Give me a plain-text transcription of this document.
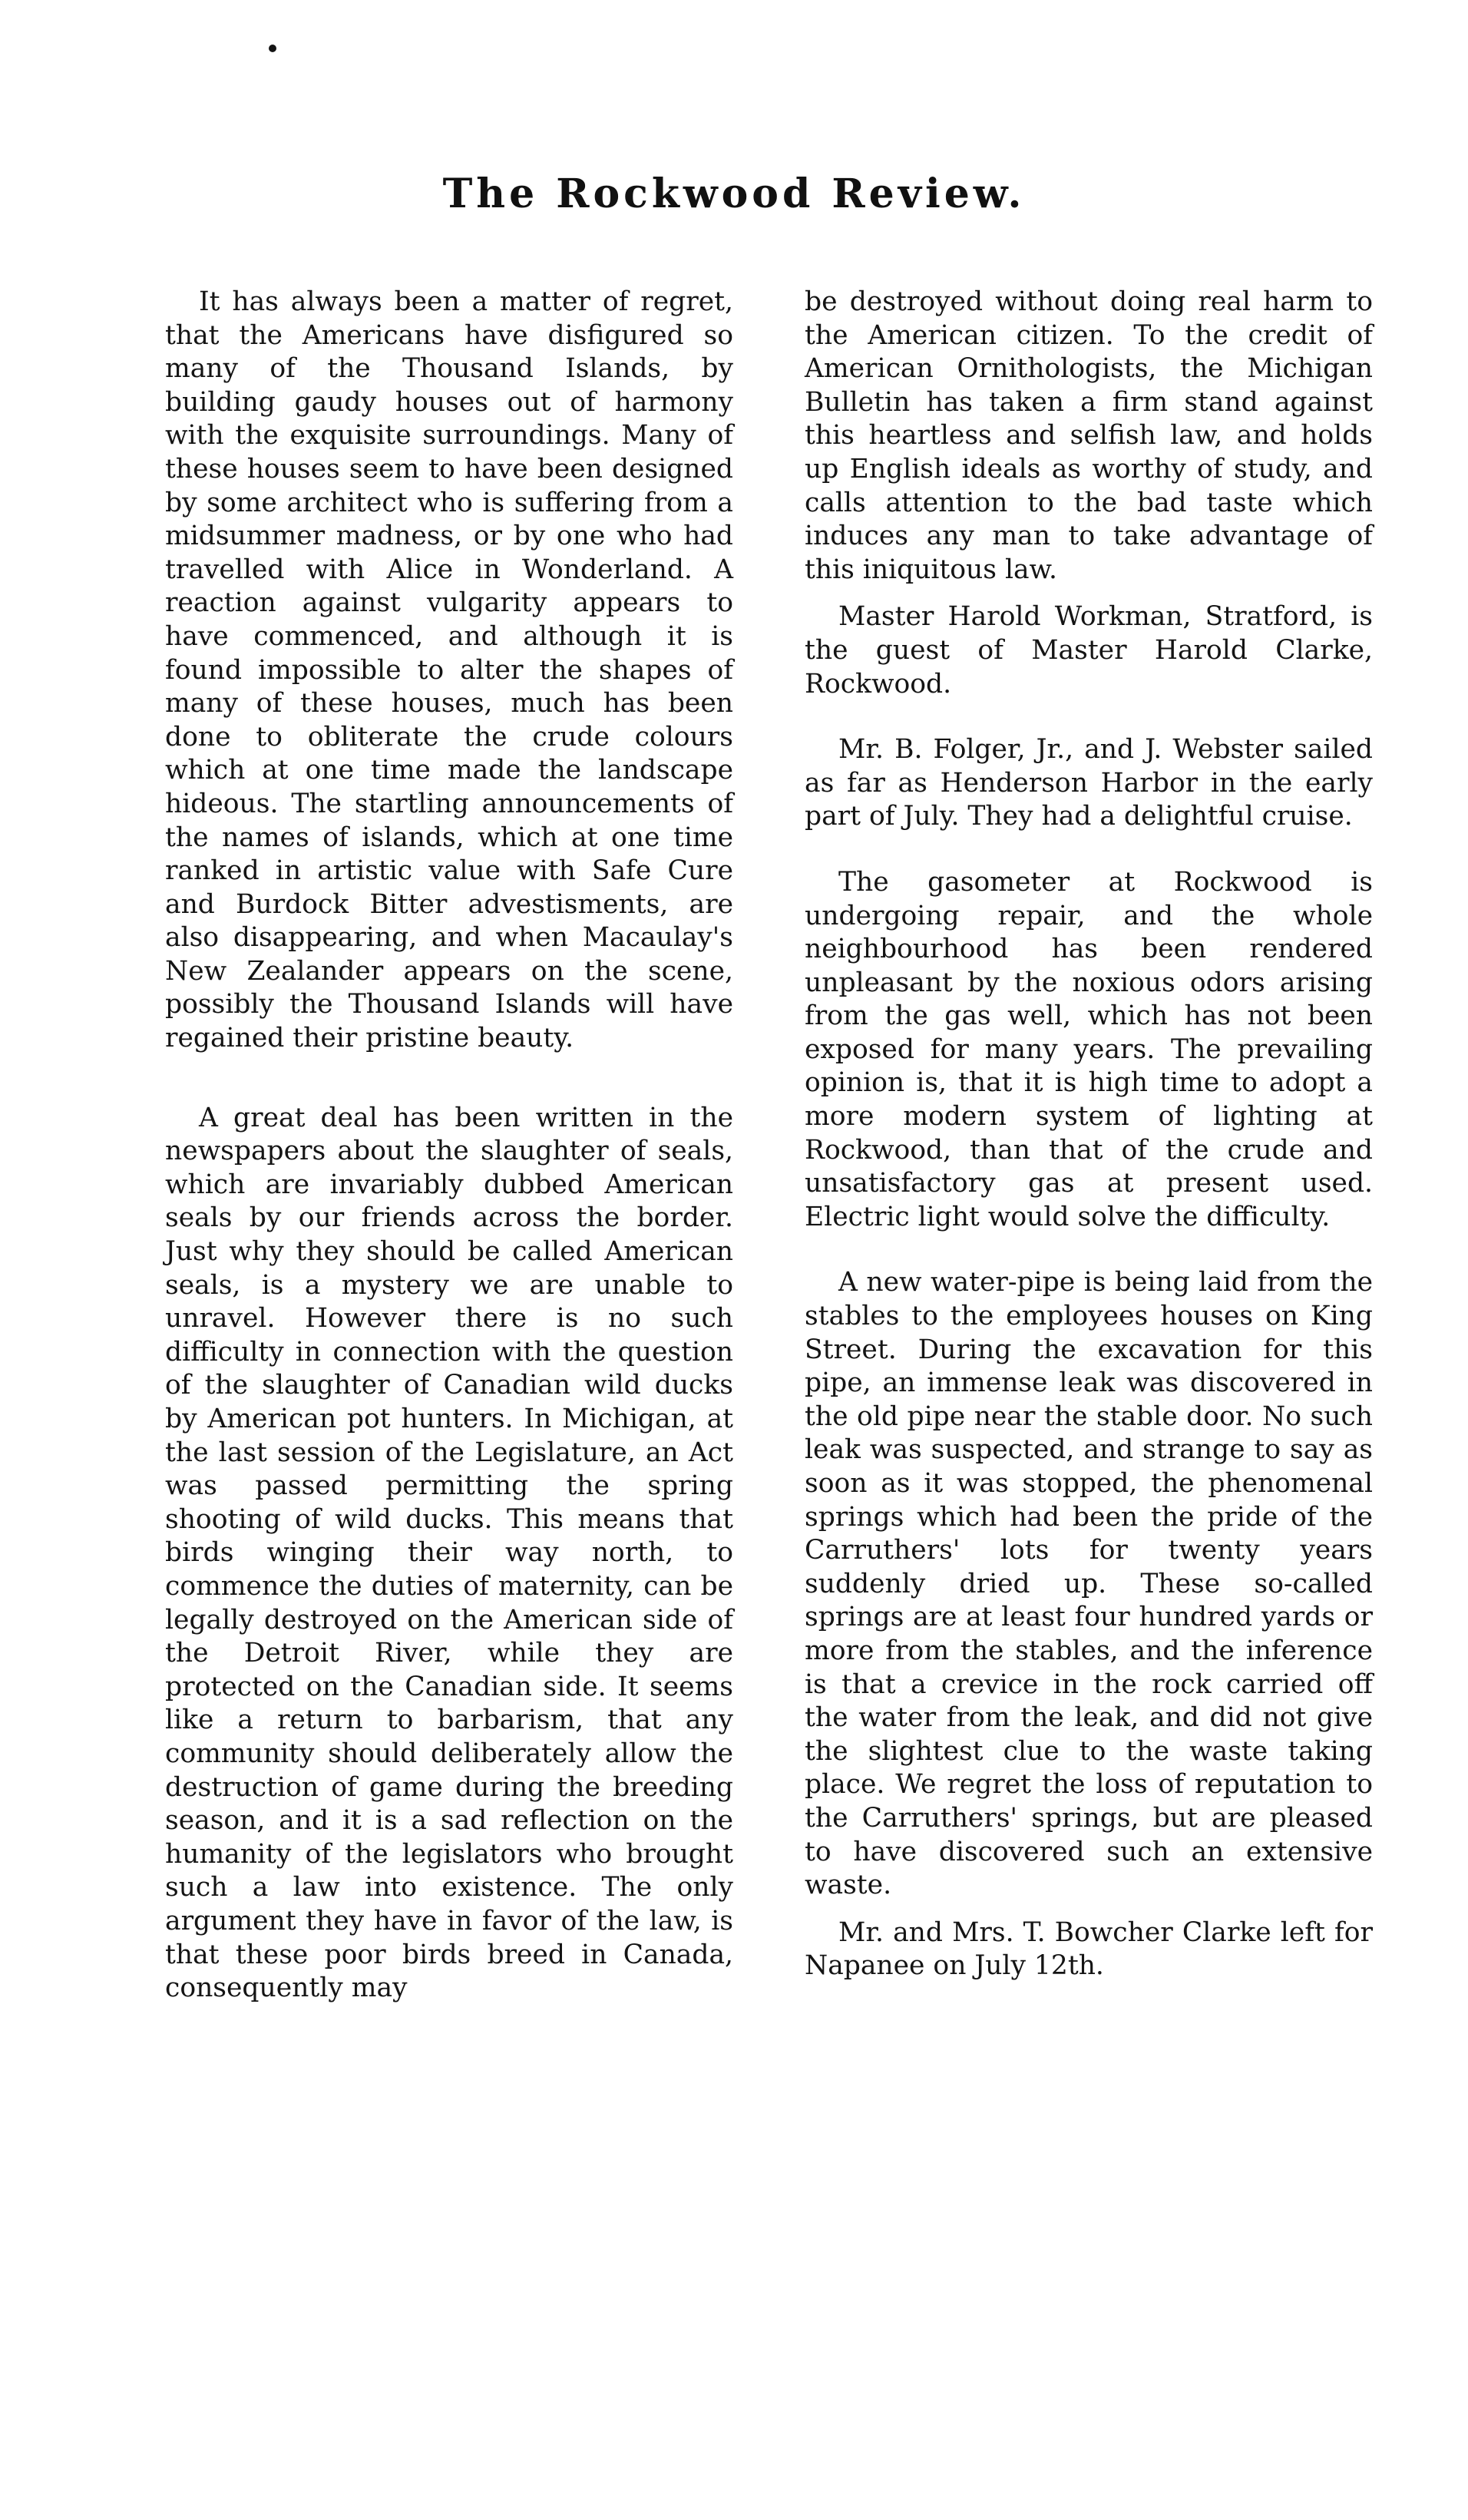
The Rockwood Review.

It has always been a matter of regret, that the Americans have disfigured so many of the Thousand Islands, by building gaudy houses out of harmony with the exquisite surroundings. Many of these houses seem to have been designed by some architect who is suffering from a midsummer madness, or by one who had travelled with Alice in Wonderland. A reaction against vulgarity appears to have commenced, and although it is found impossible to alter the shapes of many of these houses, much has been done to obliterate the crude colours which at one time made the landscape hideous. The startling announcements of the names of islands, which at one time ranked in artistic value with Safe Cure and Burdock Bitter advestisments, are also disappearing, and when Macaulay's New Zealander appears on the scene, possibly the Thousand Islands will have regained their pristine beauty.

A great deal has been written in the newspapers about the slaughter of seals, which are invariably dubbed American seals by our friends across the border. Just why they should be called American seals, is a mystery we are unable to unravel. However there is no such difficulty in connection with the question of the slaughter of Canadian wild ducks by American pot hunters. In Michigan, at the last session of the Legislature, an Act was passed permitting the spring shooting of wild ducks. This means that birds winging their way north, to commence the duties of maternity, can be legally destroyed on the American side of the Detroit River, while they are protected on the Canadian side. It seems like a return to barbarism, that any community should deliberately allow the destruction of game during the breeding season, and it is a sad reflection on the humanity of the legislators who brought such a law into existence. The only argument they have in favor of the law, is that these poor birds breed in Canada, consequently may

be destroyed without doing real harm to the American citizen. To the credit of American Ornithologists, the Michigan Bulletin has taken a firm stand against this heartless and selfish law, and holds up English ideals as worthy of study, and calls attention to the bad taste which induces any man to take advantage of this iniquitous law.

Master Harold Workman, Stratford, is the guest of Master Harold Clarke, Rockwood.

Mr. B. Folger, Jr., and J. Webster sailed as far as Henderson Harbor in the early part of July. They had a delightful cruise.

The gasometer at Rockwood is undergoing repair, and the whole neighbourhood has been rendered unpleasant by the noxious odors arising from the gas well, which has not been exposed for many years. The prevailing opinion is, that it is high time to adopt a more modern system of lighting at Rockwood, than that of the crude and unsatisfactory gas at present used. Electric light would solve the difficulty.

A new water-pipe is being laid from the stables to the employees houses on King Street. During the excavation for this pipe, an immense leak was discovered in the old pipe near the stable door. No such leak was suspected, and strange to say as soon as it was stopped, the phenomenal springs which had been the pride of the Carruthers' lots for twenty years suddenly dried up. These so-called springs are at least four hundred yards or more from the stables, and the inference is that a crevice in the rock carried off the water from the leak, and did not give the slightest clue to the waste taking place. We regret the loss of reputation to the Carruthers' springs, but are pleased to have discovered such an extensive waste.

Mr. and Mrs. T. Bowcher Clarke left for Napanee on July 12th.
